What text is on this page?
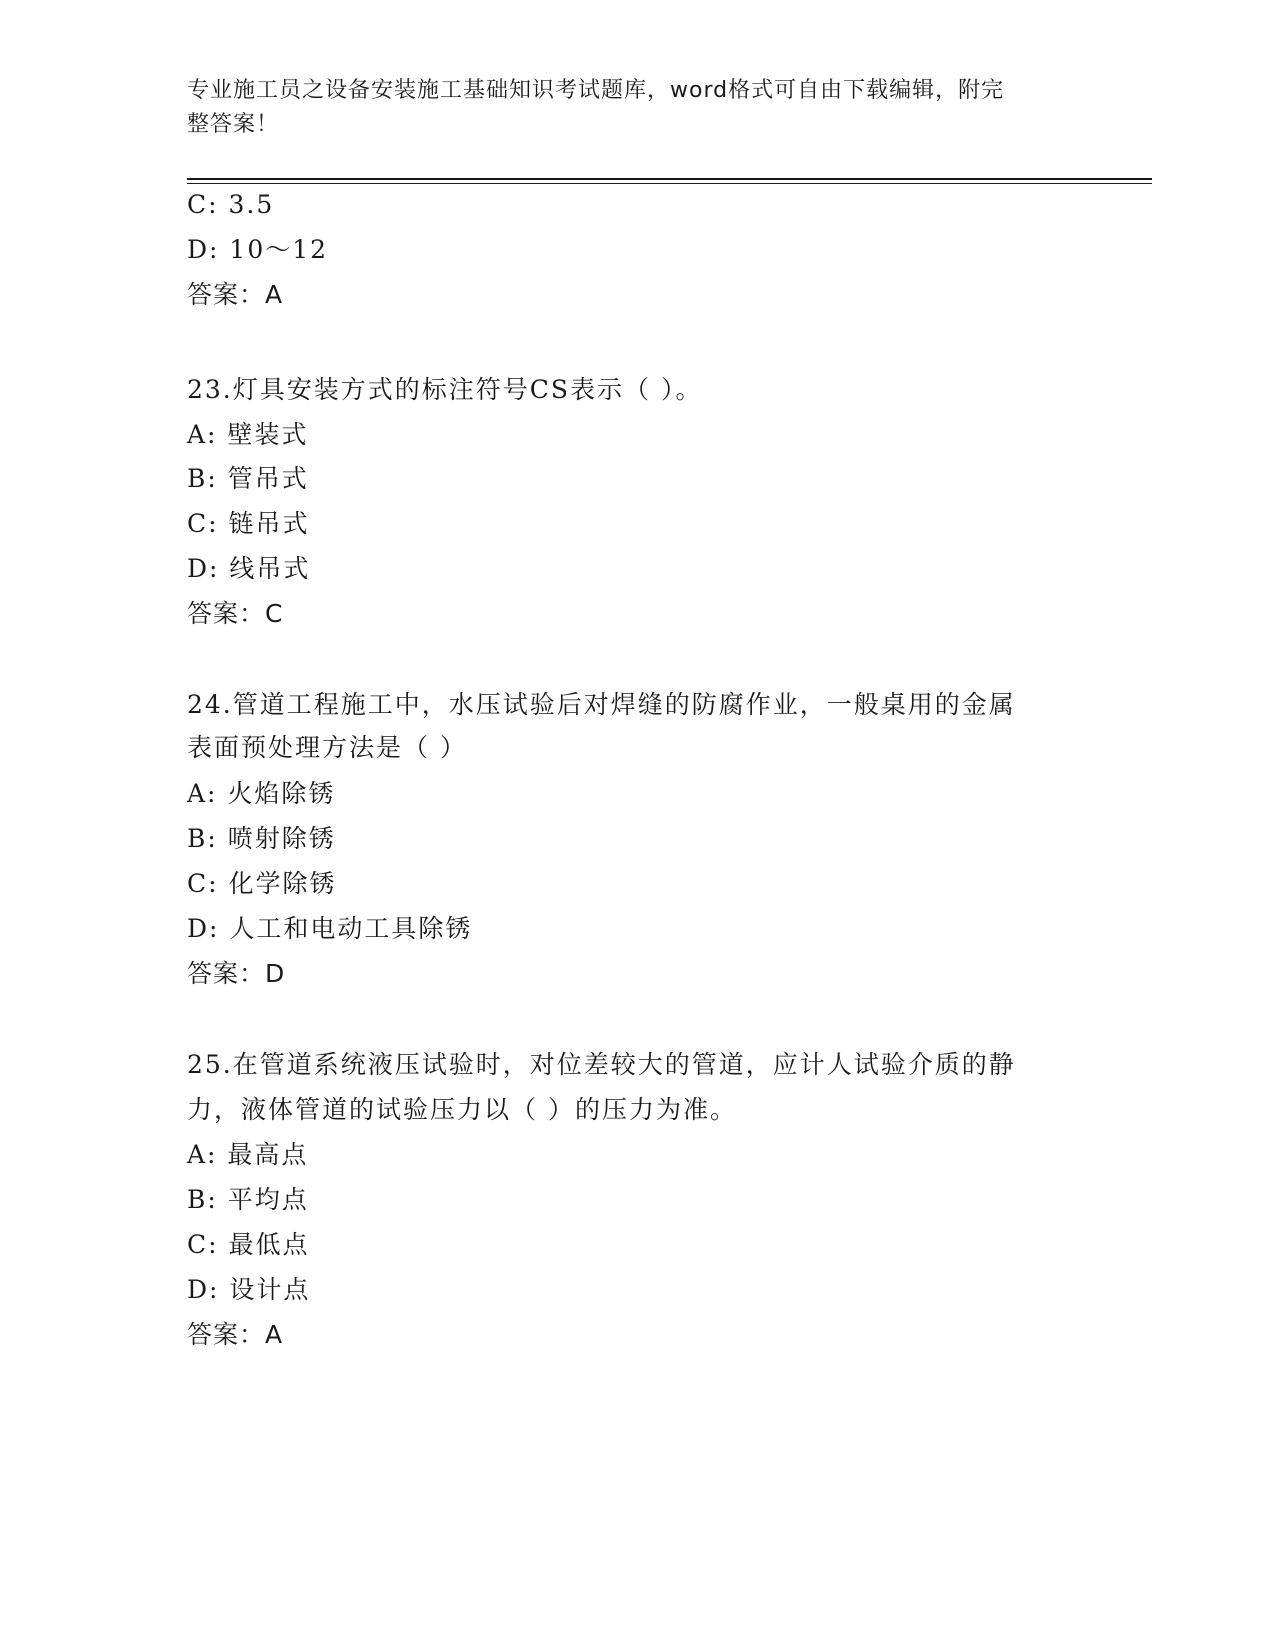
专业施工员之设备安装施工基础知识考试题库，word格式可自由下载编辑，附完
整答案！
C: 3.5
D: 10～12
答案：A
23.灯具安装方式的标注符号CS表示（ ）。
A: 壁装式
B: 管吊式
C: 链吊式
D: 线吊式
答案：C
24.管道工程施工中，水压试验后对焊缝的防腐作业，一般桌用的金属
表面预处理方法是（ ）
A: 火焰除锈
B: 喷射除锈
C: 化学除锈
D: 人工和电动工具除锈
答案：D
25.在管道系统液压试验时，对位差较大的管道，应计人试验介质的静
力，液体管道的试验压力以（ ）的压力为准。
A: 最高点
B: 平均点
C: 最低点
D: 设计点
答案：A
